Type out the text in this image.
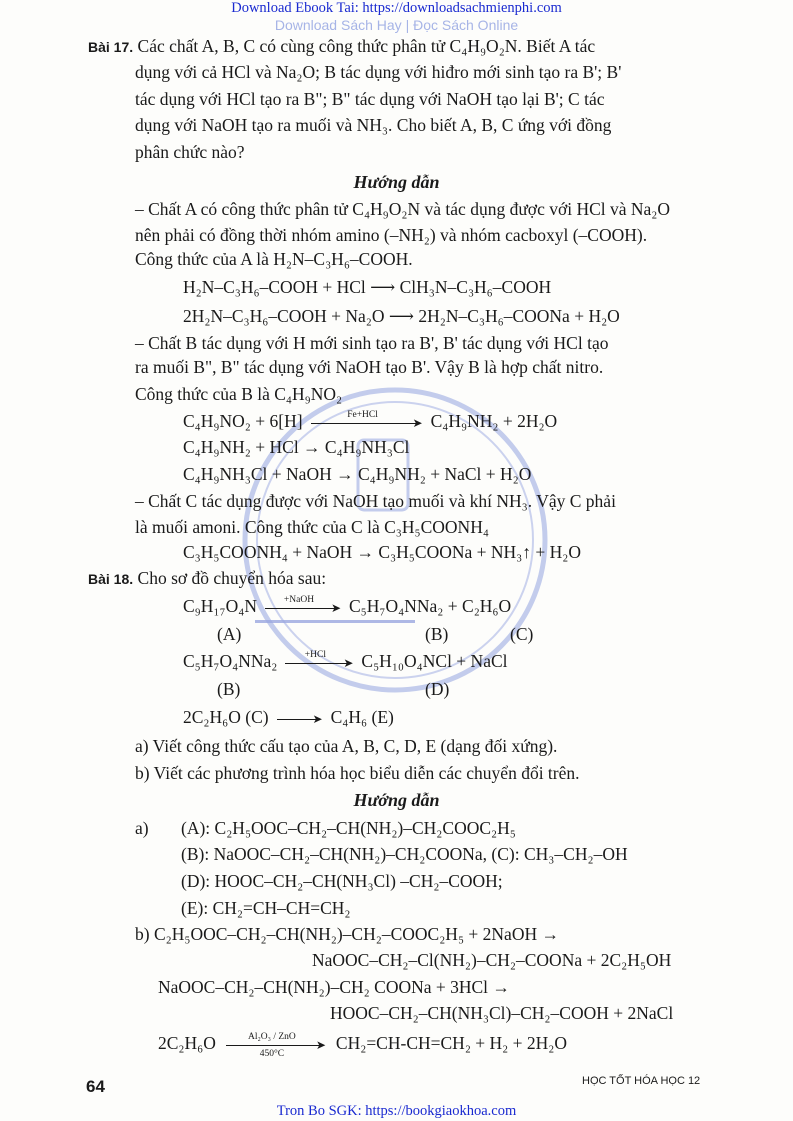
Download Ebook Tai: https://downloadsachmienphi.com
Download Sách Hay | Đọc Sách Online
Bài 17. Các chất A, B, C có cùng công thức phân tử C₄H₉O₂N. Biết A tác
dụng với cả HCl và Na₂O; B tác dụng với hiđro mới sinh tạo ra B'; B'
tác dụng với HCl tạo ra B"; B" tác dụng với NaOH tạo lại B'; C tác
dụng với NaOH tạo ra muối và NH₃. Cho biết A, B, C ứng với đồng
phân chức nào?
Hướng dẫn
– Chất A có công thức phân tử C₄H₉O₂N và tác dụng được với HCl và Na₂O
nên phải có đồng thời nhóm amino (–NH₂) và nhóm cacboxyl (–COOH).
Công thức của A là H₂N–C₃H₆–COOH.
H₂N–C₃H₆–COOH + HCl ⟶ ClH₃N–C₃H₆–COOH
2H₂N–C₃H₆–COOH + Na₂O ⟶ 2H₂N–C₃H₆–COONa + H₂O
– Chất B tác dụng với H mới sinh tạo ra B', B' tác dụng với HCl tạo
ra muối B", B" tác dụng với NaOH tạo B'. Vậy B là hợp chất nitro.
Công thức của B là C₄H₉NO₂
C₄H₉NO₂ + 6[H]	Fe+HCl
➤ C₄H₉NH₂ + 2H₂O
C₄H₉NH₂ + HCl → C₄H₉NH₃Cl
C₄H₉NH₃Cl + NaOH → C₄H₉NH₂ + NaCl + H₂O
– Chất C tác dụng được với NaOH tạo muối và khí NH₃. Vậy C phải
là muối amoni. Công thức của C là C₃H₅COONH₄
C₃H₅COONH₄ + NaOH → C₃H₅COONa + NH₃↑ + H₂O
Bài 18. Cho sơ đồ chuyển hóa sau:
C₉H₁₇O₄N	+NaOH
➤ C₅H₇O₄NNa₂ + C₂H₆O
(A)	(B)	(C)
C₅H₇O₄NNa₂	+HCl
➤ C₅H₁₀O₄NCl + NaCl
(B)	(D)
2C₂H₆O (C)	➤ C₄H₆ (E)
a) Viết công thức cấu tạo của A, B, C, D, E (dạng đối xứng).
b) Viết các phương trình hóa học biểu diễn các chuyển đổi trên.
Hướng dẫn
a) (A): C₂H₅OOC–CH₂–CH(NH₂)–CH₂COOC₂H₅
(B): NaOOC–CH₂–CH(NH₂)–CH₂COONa, (C): CH₃–CH₂–OH
(D): HOOC–CH₂–CH(NH₃Cl) –CH₂–COOH;
(E): CH₂=CH–CH=CH₂
b) C₂H₅OOC–CH₂–CH(NH₂)–CH₂–COOC₂H₅ + 2NaOH →
NaOOC–CH₂–Cl(NH₂)–CH₂–COONa + 2C₂H₅OH
NaOOC–CH₂–CH(NH₂)–CH₂ COONa + 3HCl →
HOOC–CH₂–CH(NH₃Cl)–CH₂–COOH + 2NaCl
2C₂H₆O	Al₂O₃ / ZnO
➤
450°C
CH₂=CH-CH=CH₂ + H₂ + 2H₂O
64	HỌC TỐT HÓA HỌC 12
Tron Bo SGK: https://bookgiaokhoa.com
